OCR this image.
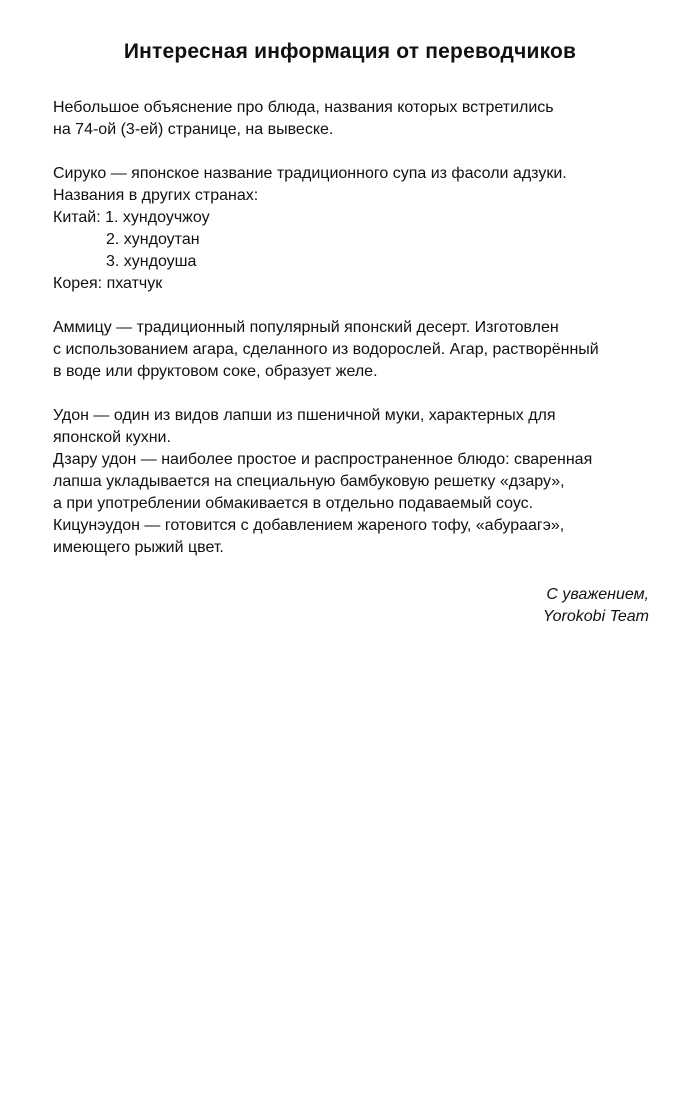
Интересная информация от переводчиков
Небольшое объяснение про блюда, названия которых встретились
на 74-ой (3-ей) странице, на вывеске.
Сируко — японское название традиционного супа из фасоли адзуки.
Названия в других странах:
Китай: 1. хундоучжоу
2. хундоутан
3. хундоуша
Корея: пхатчук
Аммицу — традиционный популярный японский десерт. Изготовлен
с использованием агара, сделанного из водорослей. Агар, растворённый
в воде или фруктовом соке, образует желе.
Удон — один из видов лапши из пшеничной муки, характерных для
японской кухни.
Дзару удон — наиболее простое и распространенное блюдо: сваренная
лапша укладывается на специальную бамбуковую решетку «дзару»,
а при употреблении обмакивается в отдельно подаваемый соус.
Кицунэудон — готовится с добавлением жареного тофу, «абураагэ»,
имеющего рыжий цвет.
С уважением,
Yorokobi Team
